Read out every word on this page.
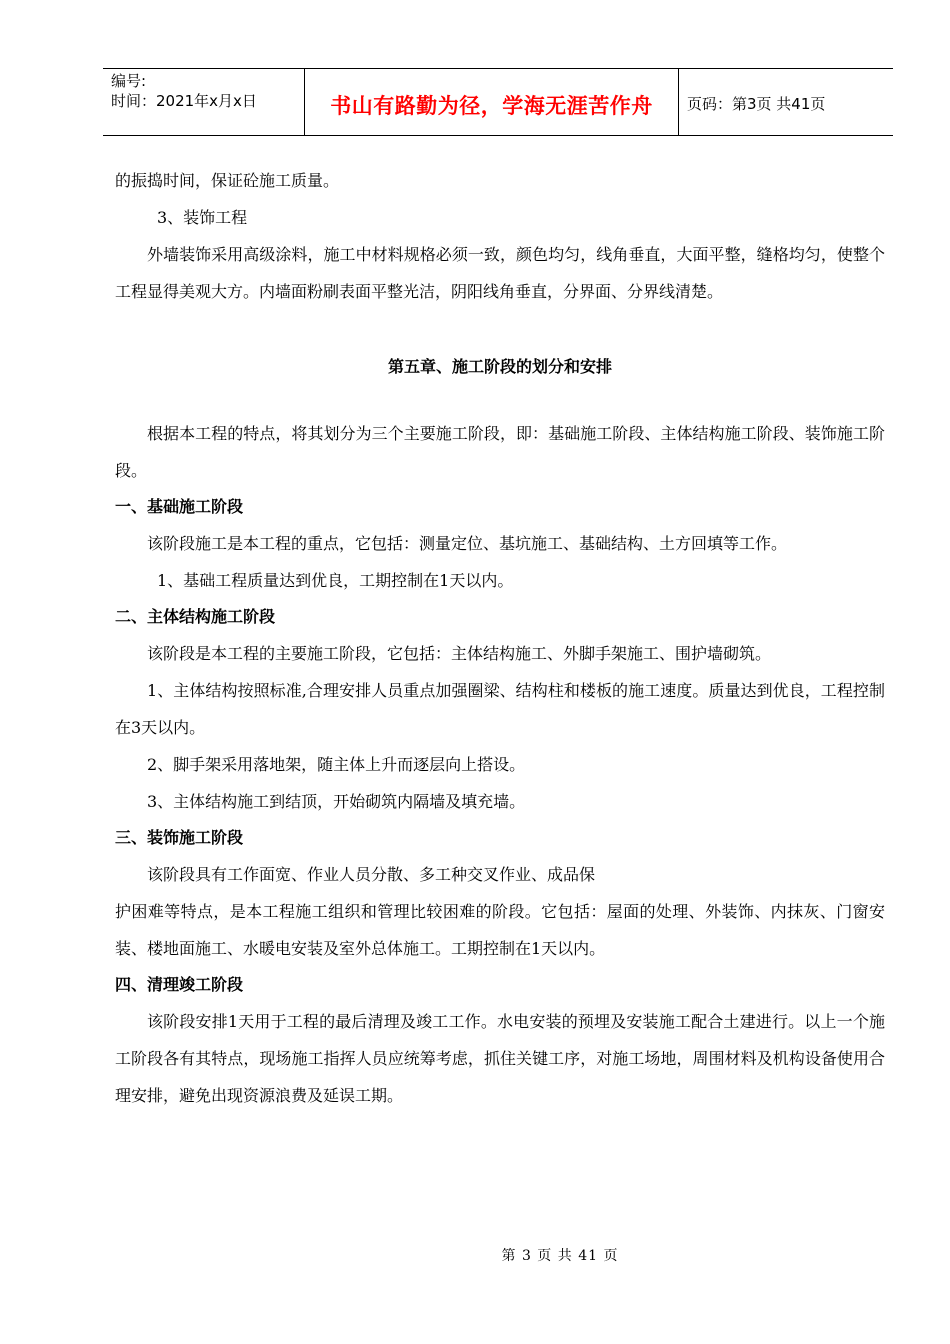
编号:
时间：2021年x月x日	书山有路勤为径，学海无涯苦作舟 页码：第3页 共41页

的振捣时间，保证砼施工质量。

3、装饰工程

外墙装饰采用高级涂料，施工中材料规格必须一致，颜色均匀，线角垂直，大面平整，缝格均匀，使整个工程显得美观大方。内墙面粉刷表面平整光洁，阴阳线角垂直，分界面、分界线清楚。

第五章、施工阶段的划分和安排

根据本工程的特点，将其划分为三个主要施工阶段，即：基础施工阶段、主体结构施工阶段、装饰施工阶段。

一、基础施工阶段

该阶段施工是本工程的重点，它包括：测量定位、基坑施工、基础结构、土方回填等工作。

1、基础工程质量达到优良，工期控制在1天以内。

二、主体结构施工阶段

该阶段是本工程的主要施工阶段，它包括：主体结构施工、外脚手架施工、围护墙砌筑。

1、主体结构按照标准,合理安排人员重点加强圈梁、结构柱和楼板的施工速度。质量达到优良，工程控制在3天以内。

2、脚手架采用落地架，随主体上升而逐层向上搭设。

3、主体结构施工到结顶，开始砌筑内隔墙及填充墙。

三、装饰施工阶段

该阶段具有工作面宽、作业人员分散、多工种交叉作业、成品保

护困难等特点，是本工程施工组织和管理比较困难的阶段。它包括：屋面的处理、外装饰、内抹灰、门窗安装、楼地面施工、水暖电安装及室外总体施工。工期控制在1天以内。

四、清理竣工阶段

该阶段安排1天用于工程的最后清理及竣工工作。水电安装的预埋及安装施工配合土建进行。以上一个施工阶段各有其特点，现场施工指挥人员应统筹考虑，抓住关键工序，对施工场地，周围材料及机构设备使用合理安排，避免出现资源浪费及延误工期。

第 3 页 共 41 页
